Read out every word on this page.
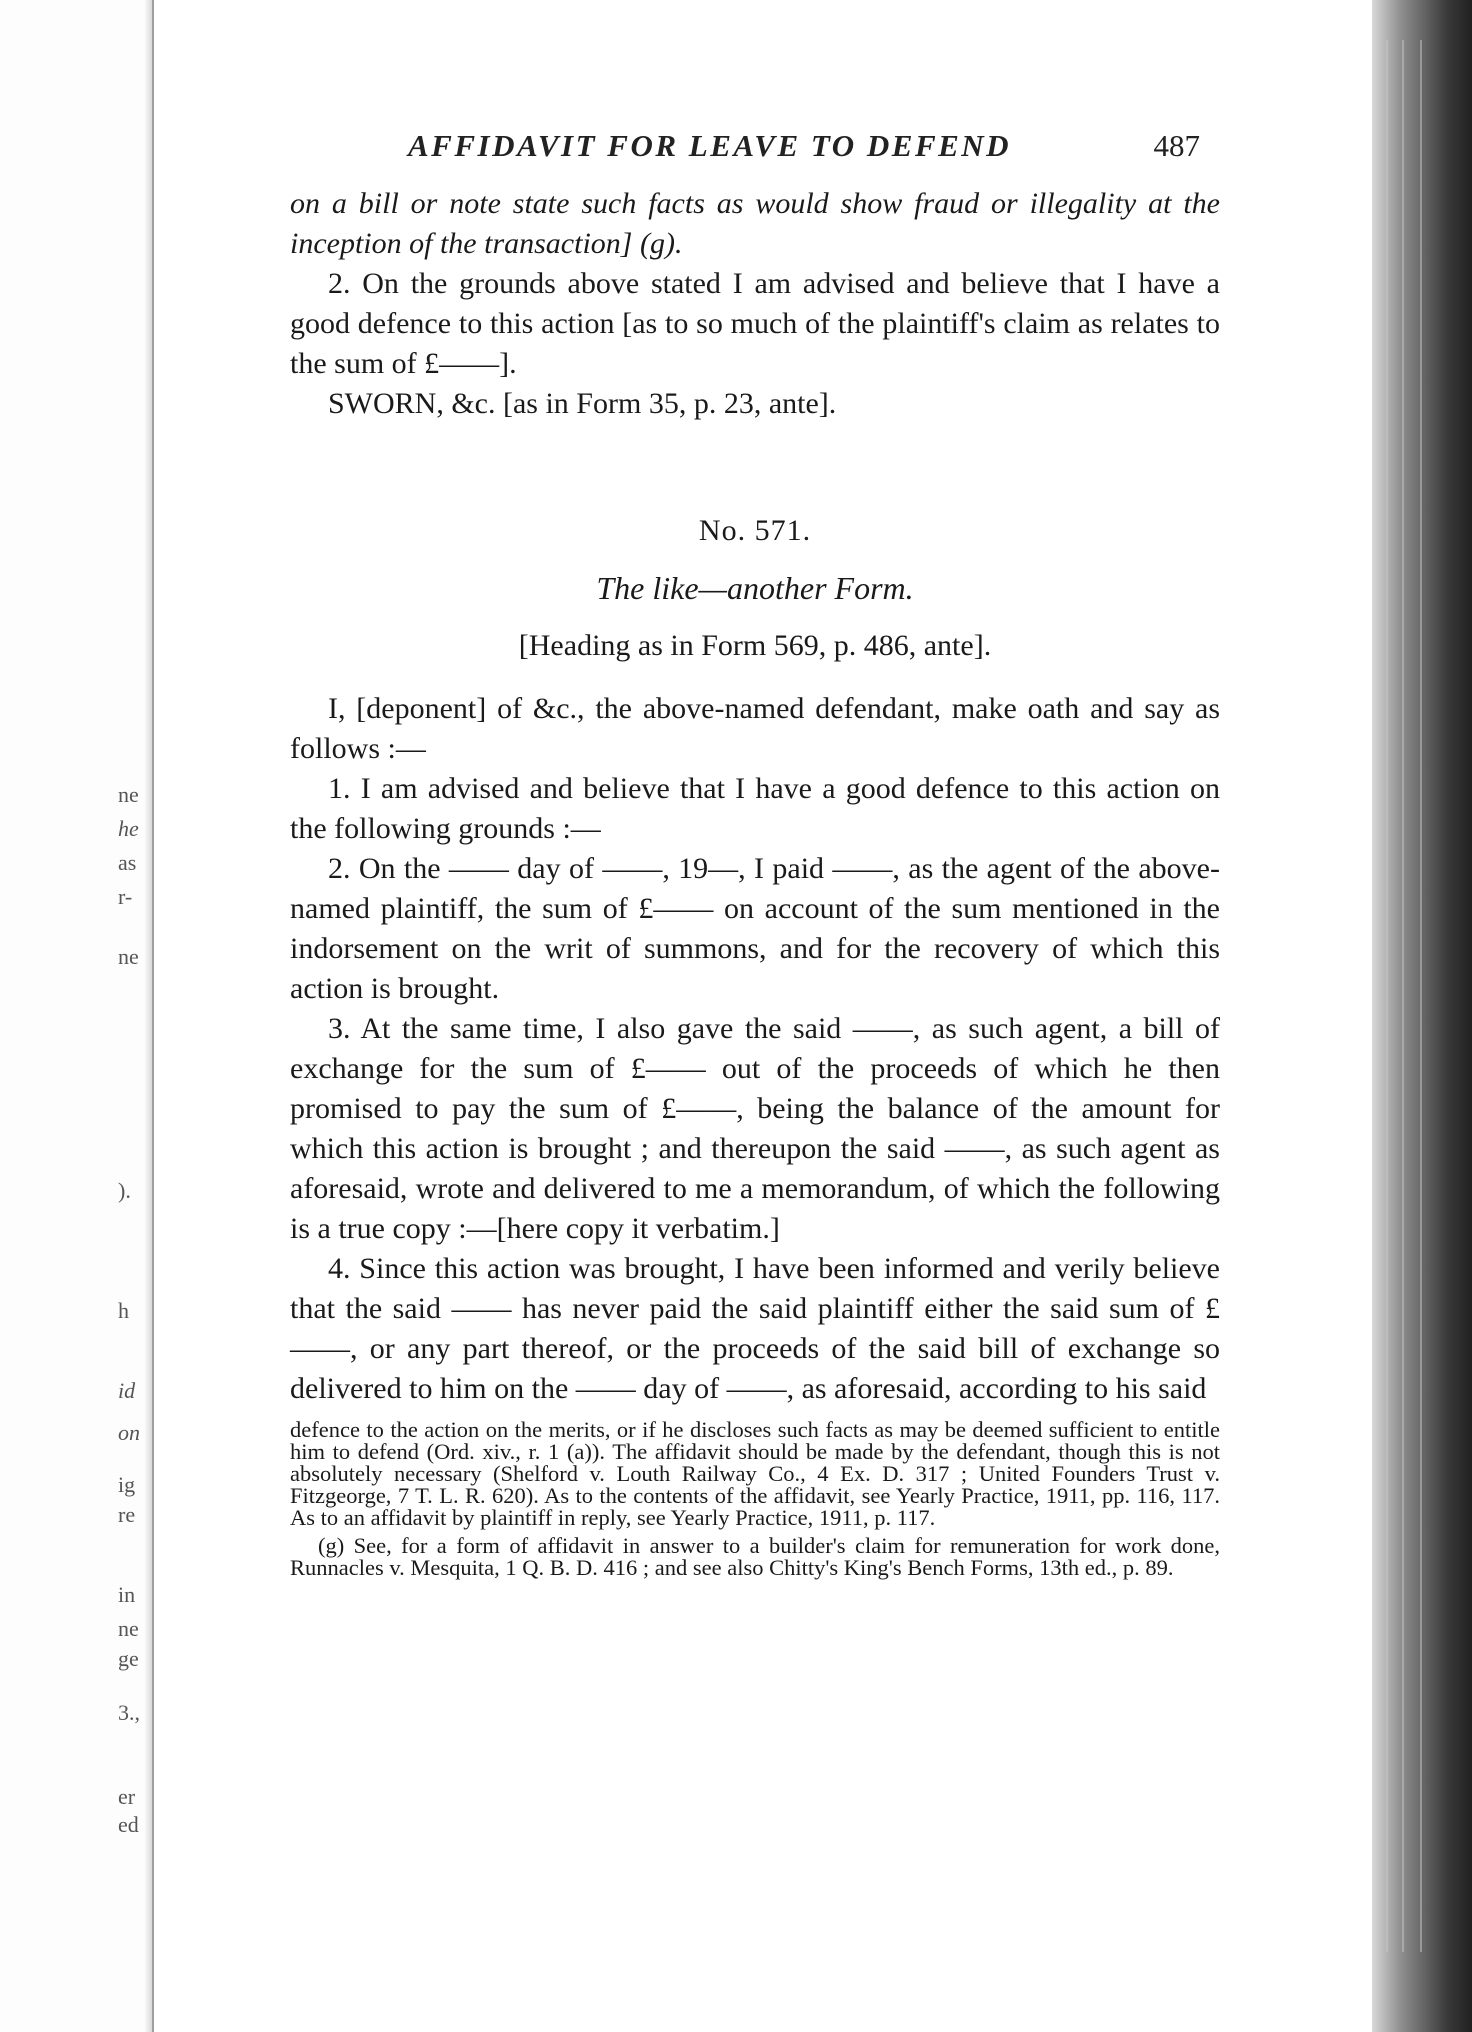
ne
he
as
r-
ne
).
h
id
on
ig
re
in
ne
ge
3.,
er
ed
AFFIDAVIT FOR LEAVE TO DEFEND	487

on a bill or note state such facts as would show fraud or illegality at the inception of the transaction] (g).

2. On the grounds above stated I am advised and believe that I have a good defence to this action [as to so much of the plaintiff's claim as relates to the sum of £——].

SWORN, &c. [as in Form 35, p. 23, ante].

No. 571.
The like—another Form.
[Heading as in Form 569, p. 486, ante].

I, [deponent] of &c., the above-named defendant, make oath and say as follows :—

1. I am advised and believe that I have a good defence to this action on the following grounds :—

2. On the —— day of ——, 19—, I paid ——, as the agent of the above-named plaintiff, the sum of £—— on account of the sum mentioned in the indorsement on the writ of summons, and for the recovery of which this action is brought.

3. At the same time, I also gave the said ——, as such agent, a bill of exchange for the sum of £—— out of the proceeds of which he then promised to pay the sum of £——, being the balance of the amount for which this action is brought ; and thereupon the said ——, as such agent as aforesaid, wrote and delivered to me a memorandum, of which the following is a true copy :—[here copy it verbatim.]

4. Since this action was brought, I have been informed and verily believe that the said —— has never paid the said plaintiff either the said sum of £——, or any part thereof, or the proceeds of the said bill of exchange so delivered to him on the —— day of ——, as aforesaid, according to his said

defence to the action on the merits, or if he discloses such facts as may be deemed sufficient to entitle him to defend (Ord. xiv., r. 1 (a)). The affidavit should be made by the defendant, though this is not absolutely necessary (Shelford v. Louth Railway Co., 4 Ex. D. 317 ; United Founders Trust v. Fitzgeorge, 7 T. L. R. 620). As to the contents of the affidavit, see Yearly Practice, 1911, pp. 116, 117. As to an affidavit by plaintiff in reply, see Yearly Practice, 1911, p. 117.

(g) See, for a form of affidavit in answer to a builder's claim for remuneration for work done, Runnacles v. Mesquita, 1 Q. B. D. 416 ; and see also Chitty's King's Bench Forms, 13th ed., p. 89.
